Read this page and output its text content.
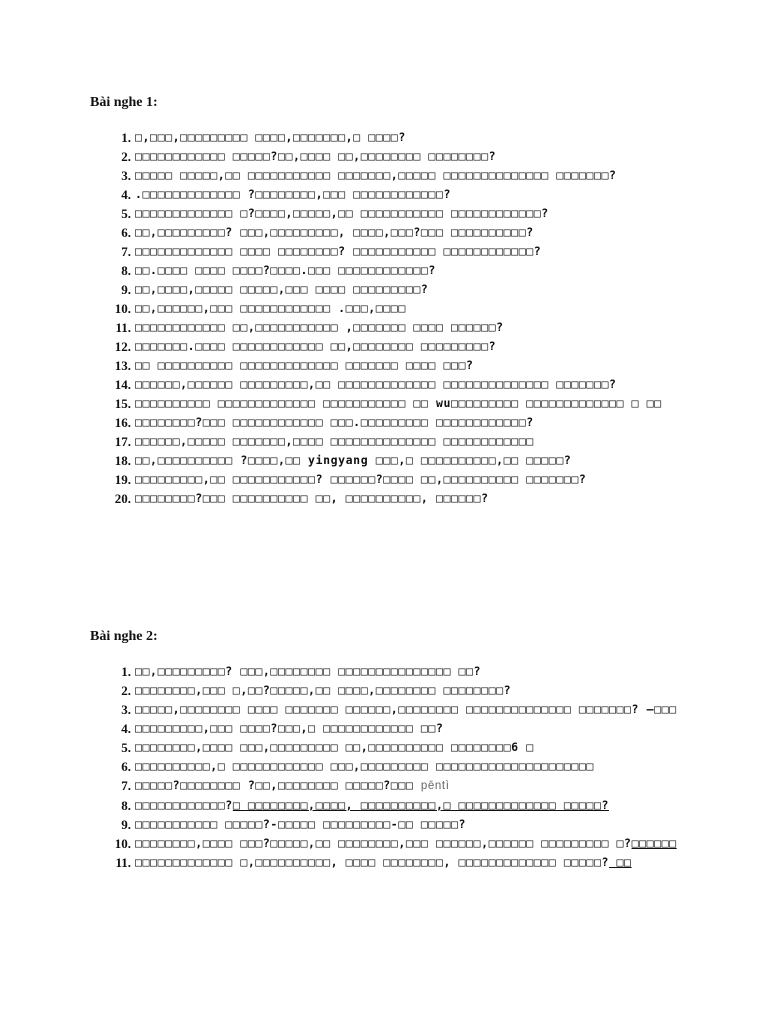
Bài nghe 1:
1. □,□□□,□□□□□□□□□ □□□□,□□□□□□□,□ □□□□?
2. □□□□□□□□□□□□ □□□□□?□□,□□□□ □□,□□□□□□□□ □□□□□□□□?
3. □□□□□ □□□□□,□□ □□□□□□□□□□□ □□□□□□□,□□□□□ □□□□□□□□□□□□□□ □□□□□□□?
4. .□□□□□□□□□□□□□ ?□□□□□□□□,□□□ □□□□□□□□□□□□?
5. □□□□□□□□□□□□□ □?□□□□,□□□□□,□□ □□□□□□□□□□□ □□□□□□□□□□□□?
6. □□,□□□□□□□□□? □□□,□□□□□□□□□, □□□□,□□□?□□□ □□□□□□□□□□?
7. □□□□□□□□□□□□□ □□□□ □□□□□□□□? □□□□□□□□□□□ □□□□□□□□□□□□?
8. □□.□□□□ □□□□ □□□□?□□□□.□□□ □□□□□□□□□□□□?
9. □□,□□□□,□□□□□ □□□□□,□□□ □□□□ □□□□□□□□□?
10. □□,□□□□□□,□□□ □□□□□□□□□□□□ .□□□,□□□□
11. □□□□□□□□□□□□ □□,□□□□□□□□□□□ ,□□□□□□□ □□□□ □□□□□□?
12. □□□□□□□.□□□□ □□□□□□□□□□□□ □□,□□□□□□□□ □□□□□□□□□?
13. □□ □□□□□□□□□□ □□□□□□□□□□□□□ □□□□□□□ □□□□ □□□?
14. □□□□□□,□□□□□□ □□□□□□□□□,□□ □□□□□□□□□□□□□ □□□□□□□□□□□□□□ □□□□□□□?
15. □□□□□□□□□□ □□□□□□□□□□□□□ □□□□□□□□□□□ □□ wu□□□□□□□□□ □□□□□□□□□□□□□ □ □□
16. □□□□□□□□?□□□ □□□□□□□□□□□□ □□□.□□□□□□□□□ □□□□□□□□□□□□?
17. □□□□□□,□□□□□ □□□□□□□,□□□□ □□□□□□□□□□□□□□ □□□□□□□□□□□□
18. □□,□□□□□□□□□□ ?□□□□,□□ yingyang □□□,□ □□□□□□□□□□,□□ □□□□□?
19. □□□□□□□□□,□□ □□□□□□□□□□□? □□□□□□?□□□□ □□,□□□□□□□□□□ □□□□□□□?
20. □□□□□□□□?□□□ □□□□□□□□□□ □□, □□□□□□□□□□, □□□□□□?
Bài nghe 2:
1. □□,□□□□□□□□□? □□□,□□□□□□□□ □□□□□□□□□□□□□□□ □□?
2. □□□□□□□□,□□□ □,□□?□□□□□,□□ □□□□,□□□□□□□□ □□□□□□□□?
3. □□□□□,□□□□□□□□ □□□□ □□□□□□□ □□□□□□,□□□□□□□□ □□□□□□□□□□□□□□ □□□□□□□? —□□□
4. □□□□□□□□□,□□□ □□□□?□□□,□ □□□□□□□□□□□□ □□?
5. □□□□□□□□,□□□□ □□□,□□□□□□□□□ □□,□□□□□□□□□□ □□□□□□□□6 □
6. □□□□□□□□□□,□ □□□□□□□□□□□□ □□□,□□□□□□□□□ □□□□□□□□□□□□□□□□□□□□□
7. □□□□□?□□□□□□□□ ?□□,□□□□□□□□ □□□□□?□□□ pēntì
8. □□□□□□□□□□□□?□ □□□□□□□□,□□□□, □□□□□□□□□□,□ □□□□□□□□□□□□□ □□□□□?
9. □□□□□□□□□□□ □□□□□?-□□□□□ □□□□□□□□□-□□ □□□□□?
10. □□□□□□□□,□□□□ □□□?□□□□□,□□ □□□□□□□□,□□□ □□□□□□,□□□□□□ □□□□□□□□□ □?□□□□□□
11. □□□□□□□□□□□□□ □,□□□□□□□□□□, □□□□ □□□□□□□□, □□□□□□□□□□□□□ □□□□□? □□
